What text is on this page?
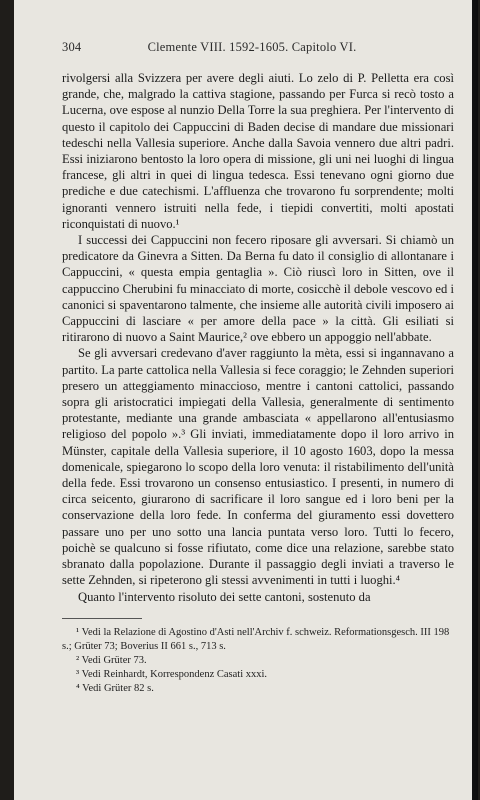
304	Clemente VIII. 1592-1605. Capitolo VI.

rivolgersi alla Svizzera per avere degli aiuti. Lo zelo di P. Pelletta era così grande, che, malgrado la cattiva stagione, passando per Furca si recò tosto a Lucerna, ove espose al nunzio Della Torre la sua preghiera. Per l'intervento di questo il capitolo dei Cappuccini di Baden decise di mandare due missionari tedeschi nella Vallesia superiore. Anche dalla Savoia vennero due altri padri. Essi iniziarono bentosto la loro opera di missione, gli uni nei luoghi di lingua francese, gli altri in quei di lingua tedesca. Essi tenevano ogni giorno due prediche e due catechismi. L'affluenza che trovarono fu sorprendente; molti ignoranti vennero istruiti nella fede, i tiepidi convertiti, molti apostati riconquistati di nuovo.¹

I successi dei Cappuccini non fecero riposare gli avversari. Si chiamò un predicatore da Ginevra a Sitten. Da Berna fu dato il consiglio di allontanare i Cappuccini, « questa empia gentaglia ». Ciò riuscì loro in Sitten, ove il cappuccino Cherubini fu minacciato di morte, cosicchè il debole vescovo ed i canonici si spaventarono talmente, che insieme alle autorità civili imposero ai Cappuccini di lasciare « per amore della pace » la città. Gli esiliati si ritirarono di nuovo a Saint Maurice,² ove ebbero un appoggio nell'abbate.

Se gli avversari credevano d'aver raggiunto la mèta, essi si ingannavano a partito. La parte cattolica nella Vallesia si fece coraggio; le Zehnden superiori presero un atteggiamento minaccioso, mentre i cantoni cattolici, passando sopra gli aristocratici impiegati della Vallesia, generalmente di sentimento protestante, mediante una grande ambasciata « appellarono all'entusiasmo religioso del popolo ».³ Gli inviati, immediatamente dopo il loro arrivo in Münster, capitale della Vallesia superiore, il 10 agosto 1603, dopo la messa domenicale, spiegarono lo scopo della loro venuta: il ristabilimento dell'unità della fede. Essi trovarono un consenso entusiastico. I presenti, in numero di circa seicento, giurarono di sacrificare il loro sangue ed i loro beni per la conservazione della loro fede. In conferma del giuramento essi dovettero passare uno per uno sotto una lancia puntata verso loro. Tutti lo fecero, poichè se qualcuno si fosse rifiutato, come dice una relazione, sarebbe stato sbranato dalla popolazione. Durante il passaggio degli inviati a traverso le sette Zehnden, si ripeterono gli stessi avvenimenti in tutti i luoghi.⁴

Quanto l'intervento risoluto dei sette cantoni, sostenuto da

¹ Vedi la Relazione di Agostino d'Asti nell'Archiv f. schweiz. Reformationsgesch. III 198 s.; Grüter 73; Boverius II 661 s., 713 s.
² Vedi Grüter 73.
³ Vedi Reinhardt, Korrespondenz Casati xxxi.
⁴ Vedi Grüter 82 s.
